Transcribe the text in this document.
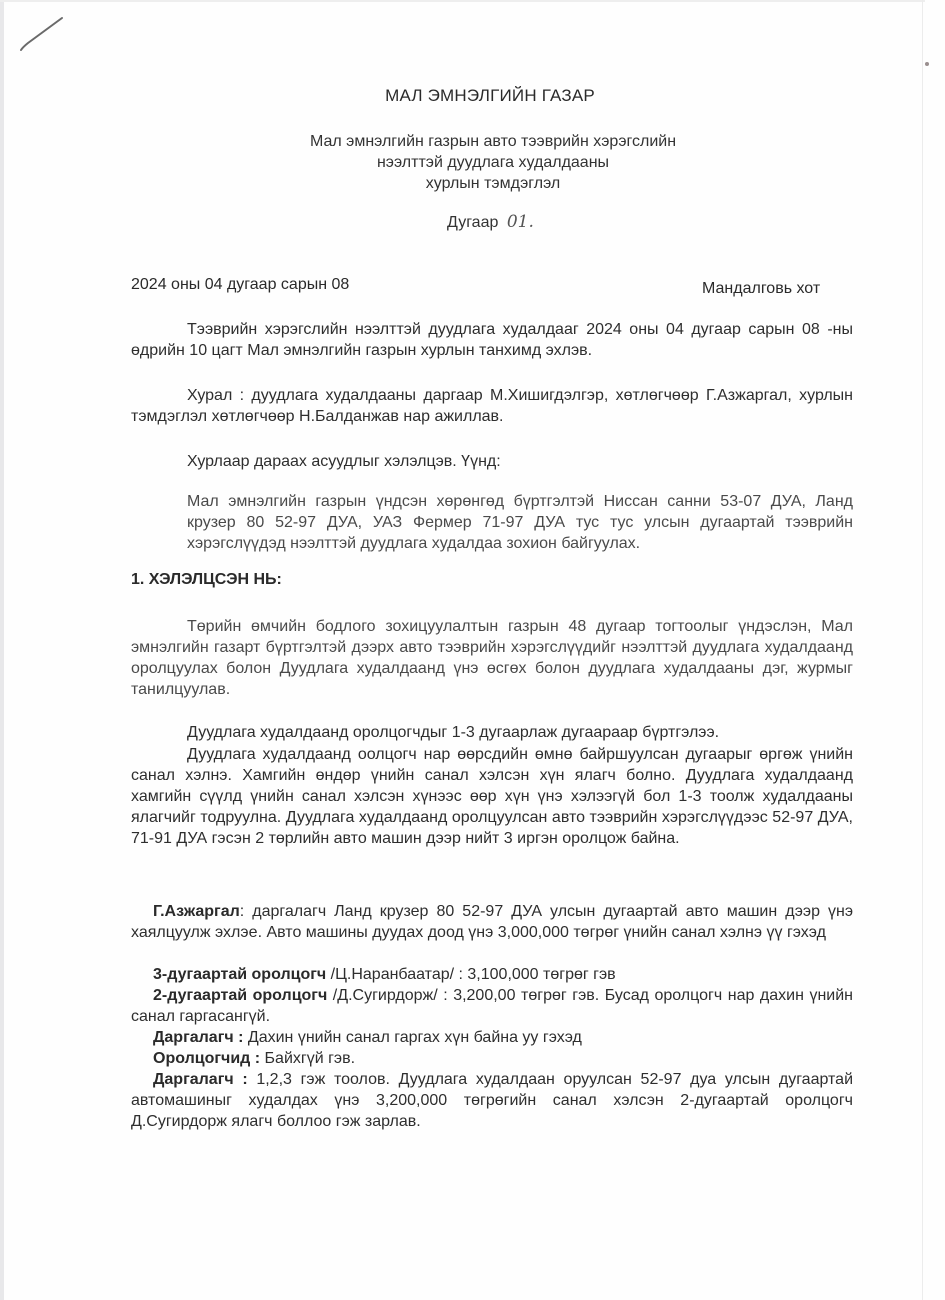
МАЛ ЭМНЭЛГИЙН ГАЗАР
Мал эмнэлгийн газрын авто тээврийн хэрэгслийн
нээлттэй дуудлага худалдааны
хурлын тэмдэглэл
Дугаар 01.
2024 оны 04 дугаар сарын 08	Мандалговь хот
Тээврийн хэрэгслийн нээлттэй дуудлага худалдааг 2024 оны 04 дугаар сарын 08 -ны өдрийн 10 цагт Мал эмнэлгийн газрын хурлын танхимд эхлэв.
Хурал : дуудлага худалдааны даргаар М.Хишигдэлгэр, хөтлөгчөөр Г.Азжаргал, хурлын тэмдэглэл хөтлөгчөөр Н.Балданжав нар ажиллав.
Хурлаар дараах асуудлыг хэлэлцэв. Үүнд:
Мал эмнэлгийн газрын үндсэн хөрөнгөд бүртгэлтэй Ниссан санни 53-07 ДУА, Ланд крузер 80 52-97 ДУА, УАЗ Фермер 71-97 ДУА тус тус улсын дугаартай тээврийн хэрэгслүүдэд нээлттэй дуудлага худалдаа зохион байгуулах.
1. ХЭЛЭЛЦСЭН НЬ:
Төрийн өмчийн бодлого зохицуулалтын газрын 48 дугаар тогтоолыг үндэслэн, Мал эмнэлгийн газарт бүртгэлтэй дээрх авто тээврийн хэрэгслүүдийг нээлттэй дуудлага худалдаанд оролцуулах болон Дуудлага худалдаанд үнэ өсгөх болон дуудлага худалдааны дэг, журмыг танилцуулав.
Дуудлага худалдаанд оролцогчдыг 1-3 дугаарлаж дугаараар бүртгэлээ.
Дуудлага худалдаанд оолцогч нар өөрсдийн өмнө байршуулсан дугаарыг өргөж үнийн санал хэлнэ. Хамгийн өндөр үнийн санал хэлсэн хүн ялагч болно. Дуудлага худалдаанд хамгийн сүүлд үнийн санал хэлсэн хүнээс өөр хүн үнэ хэлээгүй бол 1-3 тоолж худалдааны ялагчийг тодруулна. Дуудлага худалдаанд оролцуулсан авто тээврийн хэрэгслүүдээс 52-97 ДУА, 71-91 ДУА гэсэн 2 төрлийн авто машин дээр нийт 3 иргэн оролцож байна.
Г.Азжаргал: даргалагч Ланд крузер 80 52-97 ДУА улсын дугаартай авто машин дээр үнэ хаялцуулж эхлэе. Авто машины дуудах доод үнэ 3,000,000 төгрөг үнийн санал хэлнэ үү гэхэд
3-дугаартай оролцогч /Ц.Наранбаатар/ : 3,100,000 төгрөг гэв
2-дугаартай оролцогч /Д.Сугирдорж/ : 3,200,00 төгрөг гэв. Бусад оролцогч нар дахин үнийн санал гаргасангүй.
Даргалагч : Дахин үнийн санал гаргах хүн байна уу гэхэд
Оролцогчид : Байхгүй гэв.
Даргалагч : 1,2,3 гэж тоолов. Дуудлага худалдаан оруулсан 52-97 дуа улсын дугаартай автомашиныг худалдах үнэ 3,200,000 төгрөгийн санал хэлсэн 2-дугаартай оролцогч Д.Сугирдорж ялагч боллоо гэж зарлав.
